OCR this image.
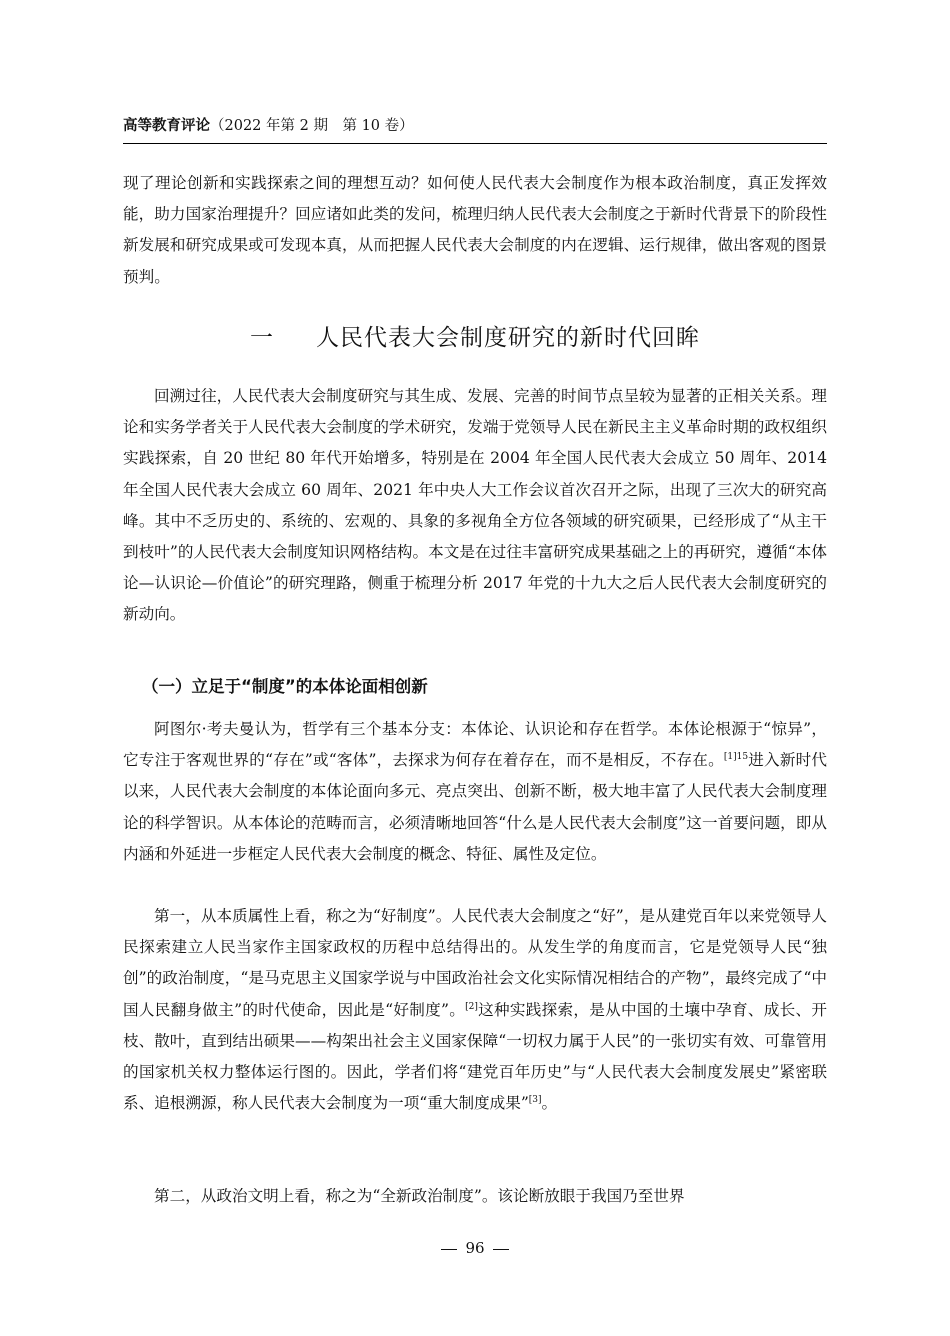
高等教育评论（2022 年第 2 期　第 10 卷）

现了理论创新和实践探索之间的理想互动？如何使人民代表大会制度作为根本政治制度，真正发挥效能，助力国家治理提升？回应诸如此类的发问，梳理归纳人民代表大会制度之于新时代背景下的阶段性新发展和研究成果或可发现本真，从而把握人民代表大会制度的内在逻辑、运行规律，做出客观的图景预判。

一 人民代表大会制度研究的新时代回眸

回溯过往，人民代表大会制度研究与其生成、发展、完善的时间节点呈较为显著的正相关关系。理论和实务学者关于人民代表大会制度的学术研究，发端于党领导人民在新民主主义革命时期的政权组织实践探索，自 20 世纪 80 年代开始增多，特别是在 2004 年全国人民代表大会成立 50 周年、2014 年全国人民代表大会成立 60 周年、2021 年中央人大工作会议首次召开之际，出现了三次大的研究高峰。其中不乏历史的、系统的、宏观的、具象的多视角全方位各领域的研究硕果，已经形成了“从主干到枝叶”的人民代表大会制度知识网格结构。本文是在过往丰富研究成果基础之上的再研究，遵循“本体论—认识论—价值论”的研究理路，侧重于梳理分析 2017 年党的十九大之后人民代表大会制度研究的新动向。

（一）立足于“制度”的本体论面相创新

阿图尔·考夫曼认为，哲学有三个基本分支：本体论、认识论和存在哲学。本体论根源于“惊异”，它专注于客观世界的“存在”或“客体”，去探求为何存在着存在，而不是相反，不存在。$^{[1]15}$进入新时代以来，人民代表大会制度的本体论面向多元、亮点突出、创新不断，极大地丰富了人民代表大会制度理论的科学智识。从本体论的范畴而言，必须清晰地回答“什么是人民代表大会制度”这一首要问题，即从内涵和外延进一步框定人民代表大会制度的概念、特征、属性及定位。

第一，从本质属性上看，称之为“好制度”。人民代表大会制度之“好”，是从建党百年以来党领导人民探索建立人民当家作主国家政权的历程中总结得出的。从发生学的角度而言，它是党领导人民“独创”的政治制度，“是马克思主义国家学说与中国政治社会文化实际情况相结合的产物”，最终完成了“中国人民翻身做主”的时代使命，因此是“好制度”。[2]这种实践探索，是从中国的土壤中孕育、成长、开枝、散叶，直到结出硕果——构架出社会主义国家保障“一切权力属于人民”的一张切实有效、可靠管用的国家机关权力整体运行图的。因此，学者们将“建党百年历史”与“人民代表大会制度发展史”紧密联系、追根溯源，称人民代表大会制度为一项“重大制度成果”[3]。

第二，从政治文明上看，称之为“全新政治制度”。该论断放眼于我国乃至世界

96
